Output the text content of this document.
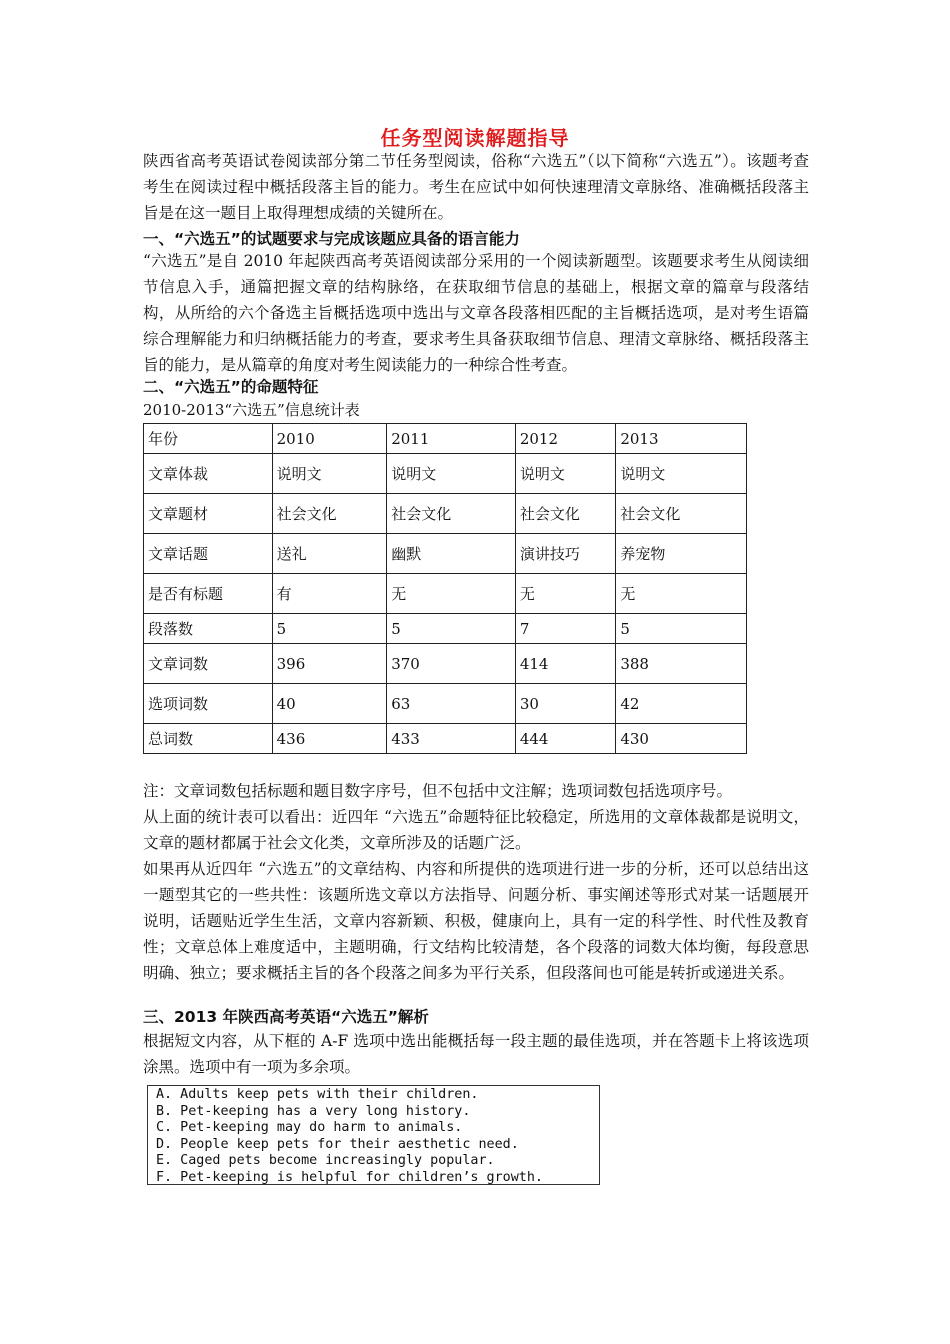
任务型阅读解题指导

陕西省高考英语试卷阅读部分第二节任务型阅读，俗称“六选五”（以下简称“六选五”）。该题考查考生在阅读过程中概括段落主旨的能力。考生在应试中如何快速理清文章脉络、准确概括段落主旨是在这一题目上取得理想成绩的关键所在。

一、“六选五”的试题要求与完成该题应具备的语言能力

“六选五”是自 2010 年起陕西高考英语阅读部分采用的一个阅读新题型。该题要求考生从阅读细节信息入手，通篇把握文章的结构脉络，在获取细节信息的基础上，根据文章的篇章与段落结构，从所给的六个备选主旨概括选项中选出与文章各段落相匹配的主旨概括选项，是对考生语篇综合理解能力和归纳概括能力的考查，要求考生具备获取细节信息、理清文章脉络、概括段落主旨的能力，是从篇章的角度对考生阅读能力的一种综合性考查。

二、“六选五”的命题特征
2010-2013“六选五”信息统计表
年份	2010	2011	2012	2013
文章体裁	说明文	说明文	说明文	说明文
文章题材	社会文化	社会文化	社会文化	社会文化
文章话题	送礼	幽默	演讲技巧	养宠物
是否有标题	有	无	无	无
段落数	5	5	7	5
文章词数	396	370	414	388
选项词数	40	63	30	42
总词数	436	433	444	430

注：文章词数包括标题和题目数字序号，但不包括中文注解；选项词数包括选项序号。

从上面的统计表可以看出：近四年 “六选五”命题特征比较稳定，所选用的文章体裁都是说明文，文章的题材都属于社会文化类，文章所涉及的话题广泛。

如果再从近四年 “六选五”的文章结构、内容和所提供的选项进行进一步的分析，还可以总结出这一题型其它的一些共性：该题所选文章以方法指导、问题分析、事实阐述等形式对某一话题展开说明，话题贴近学生生活，文章内容新颖、积极，健康向上，具有一定的科学性、时代性及教育性；文章总体上难度适中，主题明确，行文结构比较清楚，各个段落的词数大体均衡，每段意思明确、独立；要求概括主旨的各个段落之间多为平行关系，但段落间也可能是转折或递进关系。

三、2013 年陕西高考英语“六选五”解析

根据短文内容，从下框的 A-F 选项中选出能概括每一段主题的最佳选项，并在答题卡上将该选项涂黑。选项中有一项为多余项。

A. Adults keep pets with their children.
B. Pet-keeping has a very long history.
C. Pet-keeping may do harm to animals.
D. People keep pets for their aesthetic need.
E. Caged pets become increasingly popular.
F. Pet-keeping is helpful for children’s growth.
